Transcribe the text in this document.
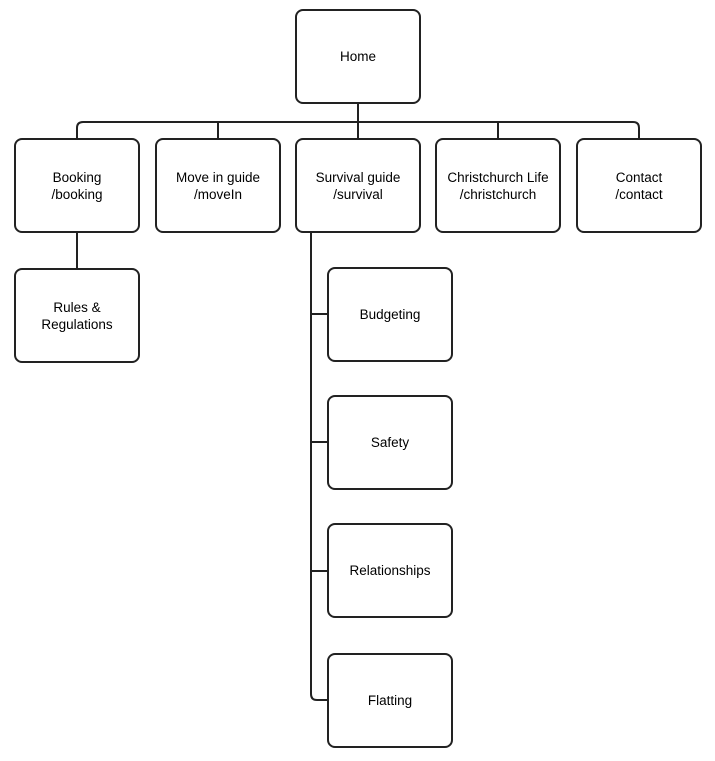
Home
Booking
/booking
Move in guide
/moveIn
Survival guide
/survival
Christchurch Life
/christchurch
Contact
/contact
Rules & Regulations
Budgeting
Safety
Relationships
Flatting
